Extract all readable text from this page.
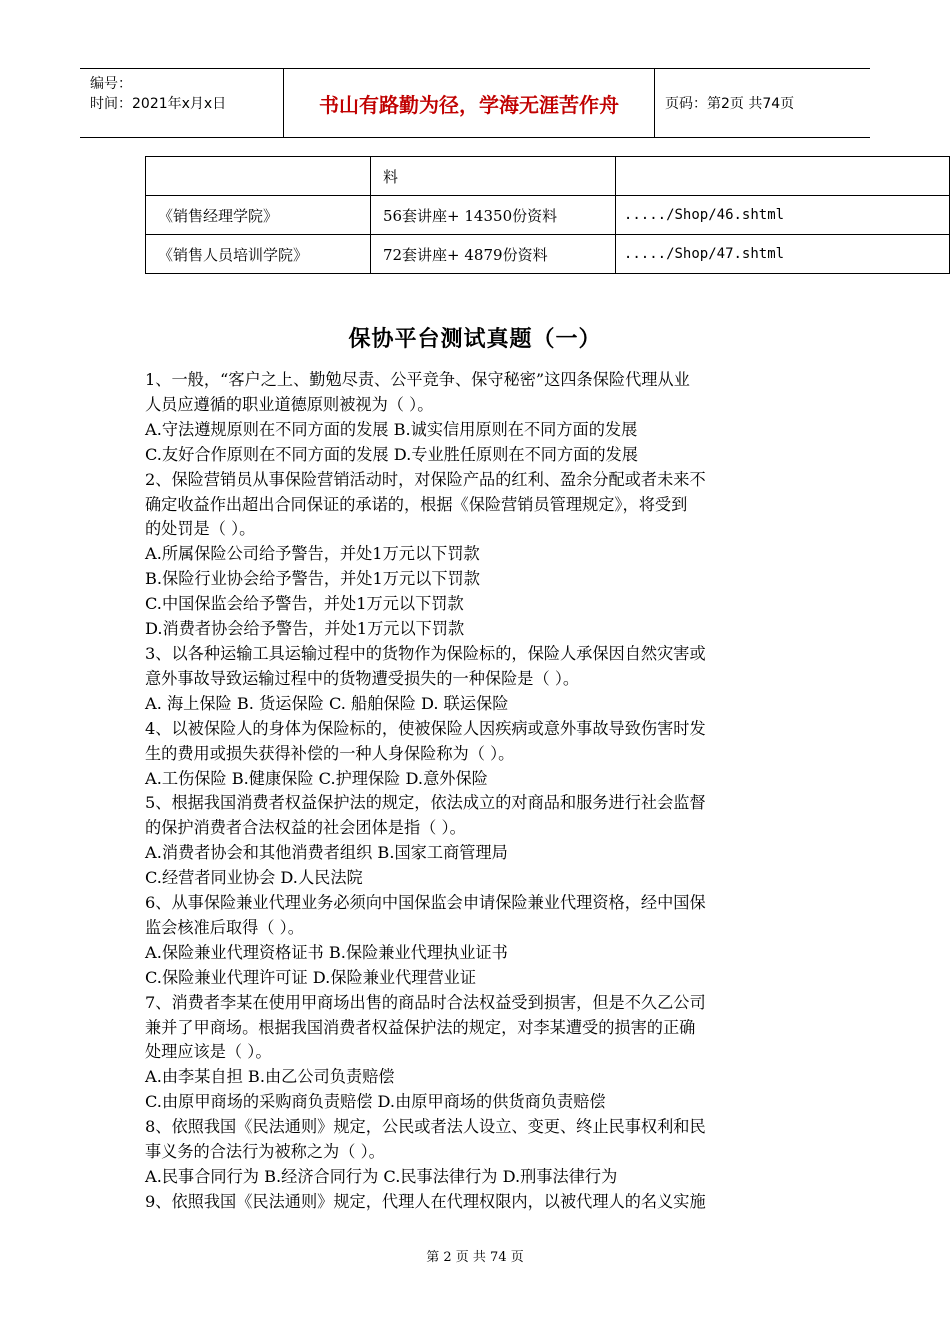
编号：
时间：2021年x月x日	书山有路勤为径，学海无涯苦作舟	页码：第2页 共74页
	料	
《销售经理学院》	56套讲座+ 14350份资料	...../Shop/46.shtml
《销售人员培训学院》	72套讲座+ 4879份资料	...../Shop/47.shtml
保协平台测试真题（一）

1、一般，“客户之上、勤勉尽责、公平竞争、保守秘密”这四条保险代理从业

人员应遵循的职业道德原则被视为（ ）。

A.守法遵规原则在不同方面的发展 B.诚实信用原则在不同方面的发展

C.友好合作原则在不同方面的发展 D.专业胜任原则在不同方面的发展

2、保险营销员从事保险营销活动时，对保险产品的红利、盈余分配或者未来不

确定收益作出超出合同保证的承诺的，根据《保险营销员管理规定》，将受到

的处罚是（ ）。

A.所属保险公司给予警告，并处1万元以下罚款

B.保险行业协会给予警告，并处1万元以下罚款

C.中国保监会给予警告，并处1万元以下罚款

D.消费者协会给予警告，并处1万元以下罚款

3、以各种运输工具运输过程中的货物作为保险标的，保险人承保因自然灾害或

意外事故导致运输过程中的货物遭受损失的一种保险是（ ）。

A. 海上保险 B. 货运保险 C. 船舶保险 D. 联运保险

4、以被保险人的身体为保险标的，使被保险人因疾病或意外事故导致伤害时发

生的费用或损失获得补偿的一种人身保险称为（ ）。

A.工伤保险 B.健康保险 C.护理保险 D.意外保险

5、根据我国消费者权益保护法的规定，依法成立的对商品和服务进行社会监督

的保护消费者合法权益的社会团体是指（ ）。

A.消费者协会和其他消费者组织 B.国家工商管理局

C.经营者同业协会 D.人民法院

6、从事保险兼业代理业务必须向中国保监会申请保险兼业代理资格，经中国保

监会核准后取得（ ）。

A.保险兼业代理资格证书 B.保险兼业代理执业证书

C.保险兼业代理许可证 D.保险兼业代理营业证

7、消费者李某在使用甲商场出售的商品时合法权益受到损害，但是不久乙公司

兼并了甲商场。根据我国消费者权益保护法的规定，对李某遭受的损害的正确

处理应该是（ ）。

A.由李某自担 B.由乙公司负责赔偿

C.由原甲商场的采购商负责赔偿 D.由原甲商场的供货商负责赔偿

8、依照我国《民法通则》规定，公民或者法人设立、变更、终止民事权利和民

事义务的合法行为被称之为（ ）。

A.民事合同行为 B.经济合同行为 C.民事法律行为 D.刑事法律行为

9、依照我国《民法通则》规定，代理人在代理权限内，以被代理人的名义实施

第 2 页 共 74 页
